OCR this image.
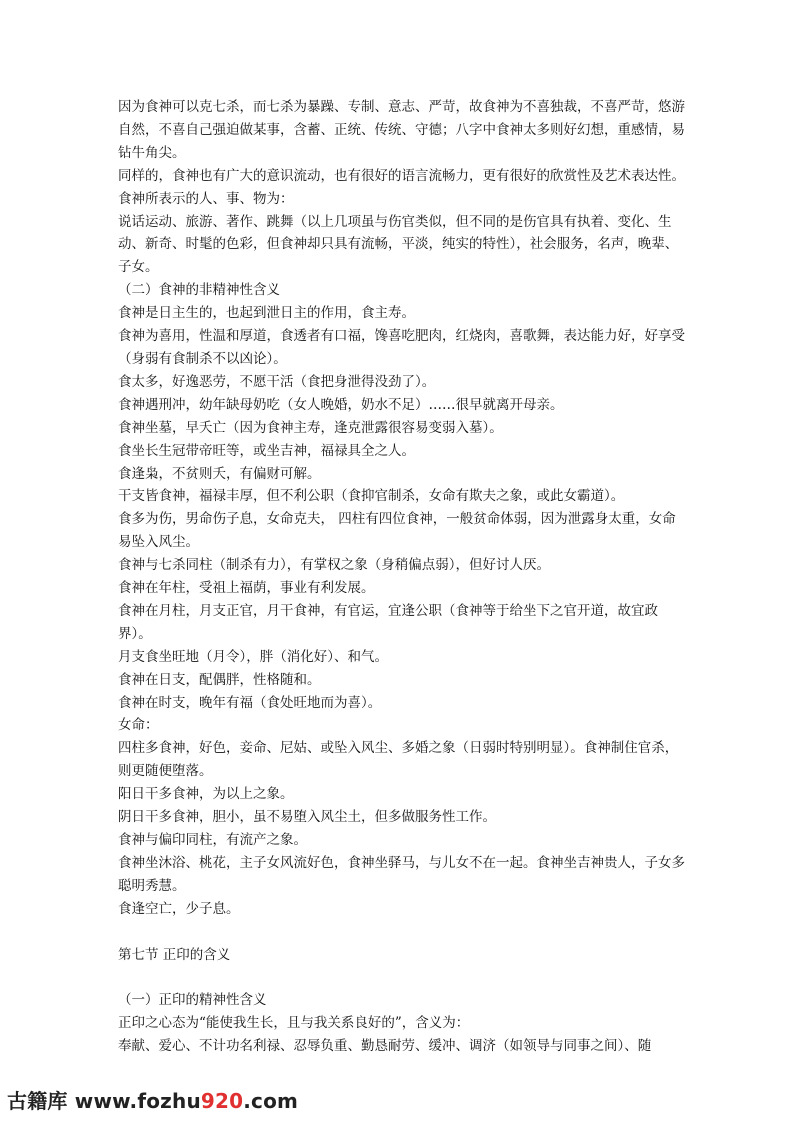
因为食神可以克七杀，而七杀为暴躁、专制、意志、严苛，故食神为不喜独裁，不喜严苛，悠游自然，不喜自己强迫做某事，含蓄、正统、传统、守德；八字中食神太多则好幻想，重感情，易钻牛角尖。

同样的，食神也有广大的意识流动，也有很好的语言流畅力，更有很好的欣赏性及艺术表达性。

食神所表示的人、事、物为：

说话运动、旅游、著作、跳舞（以上几项虽与伤官类似，但不同的是伤官具有执着、变化、生动、新奇、时髦的色彩，但食神却只具有流畅，平淡，纯实的特性），社会服务，名声，晚辈、子女。

（二）食神的非精神性含义

食神是日主生的，也起到泄日主的作用，食主寿。

食神为喜用，性温和厚道，食透者有口福，馋喜吃肥肉，红烧肉，喜歌舞，表达能力好，好享受（身弱有食制杀不以凶论）。

食太多，好逸恶劳，不愿干活（食把身泄得没劲了）。

食神遇刑冲，幼年缺母奶吃（女人晚婚，奶水不足）……很早就离开母亲。

食神坐墓，早夭亡（因为食神主寿，逢克泄露很容易变弱入墓）。

食坐长生冠带帝旺等，或坐吉神，福禄具全之人。

食逢枭，不贫则夭，有偏财可解。

干支皆食神，福禄丰厚，但不利公职（食抑官制杀，女命有欺夫之象，或此女霸道）。

食多为伤，男命伤子息，女命克夫， 四柱有四位食神，一般贫命体弱，因为泄露身太重，女命易坠入风尘。

食神与七杀同柱（制杀有力），有掌权之象（身稍偏点弱），但好讨人厌。

食神在年柱，受祖上福荫，事业有利发展。

食神在月柱，月支正官，月干食神，有官运，宜逢公职（食神等于给坐下之官开道，故宜政界）。

月支食坐旺地（月令），胖（消化好）、和气。

食神在日支，配偶胖，性格随和。

食神在时支，晚年有福（食处旺地而为喜）。

女命：

四柱多食神，好色，妾命、尼姑、或坠入风尘、多婚之象（日弱时特别明显）。食神制住官杀，则更随便堕落。

阳日干多食神，为以上之象。

阴日干多食神，胆小，虽不易堕入风尘土，但多做服务性工作。

食神与偏印同柱，有流产之象。

食神坐沐浴、桃花，主子女风流好色，食神坐驿马，与儿女不在一起。食神坐吉神贵人，子女多聪明秀慧。

食逢空亡，少子息。

第七节 正印的含义

（一）正印的精神性含义

正印之心态为“能使我生长，且与我关系良好的”，含义为：

奉献、爱心、不计功名利禄、忍辱负重、勤恳耐劳、缓冲、调济（如领导与同事之间）、随

古籍库 www.fozhu920.com
